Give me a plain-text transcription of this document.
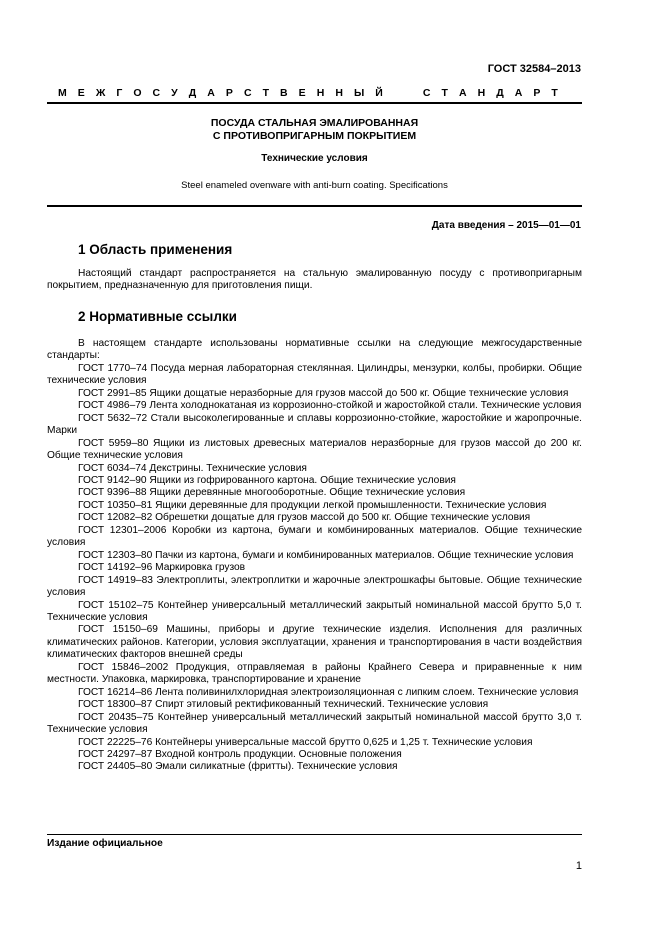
ГОСТ 32584–2013
М Е Ж Г О С У Д А Р С Т В Е Н Н Ы Й	С Т А Н Д А Р Т
ПОСУДА СТАЛЬНАЯ ЭМАЛИРОВАННАЯ
С ПРОТИВОПРИГАРНЫМ ПОКРЫТИЕМ
Технические условия
Steel enameled ovenware with anti-burn coating. Specifications
Дата введения – 2015—01—01
1 Область применения

Настоящий стандарт распространяется на стальную эмалированную посуду с противопригарным покрытием, предназначенную для приготовления пищи.

2 Нормативные ссылки

В настоящем стандарте использованы нормативные ссылки на следующие межгосударственные стандарты:

ГОСТ 1770–74 Посуда мерная лабораторная стеклянная. Цилиндры, мензурки, колбы, пробирки. Общие технические условия

ГОСТ 2991–85 Ящики дощатые неразборные для грузов массой до 500 кг. Общие технические условия

ГОСТ 4986–79 Лента холоднокатаная из коррозионно-стойкой и жаростойкой стали. Технические условия

ГОСТ 5632–72 Стали высоколегированные и сплавы коррозионно-стойкие, жаростойкие и жаропрочные. Марки

ГОСТ 5959–80 Ящики из листовых древесных материалов неразборные для грузов массой до 200 кг. Общие технические условия

ГОСТ 6034–74 Декстрины. Технические условия

ГОСТ 9142–90 Ящики из гофрированного картона. Общие технические условия

ГОСТ 9396–88 Ящики деревянные многооборотные. Общие технические условия

ГОСТ 10350–81 Ящики деревянные для продукции легкой промышленности. Технические условия

ГОСТ 12082–82 Обрешетки дощатые для грузов массой до 500 кг. Общие технические условия

ГОСТ 12301–2006 Коробки из картона, бумаги и комбинированных материалов. Общие технические условия

ГОСТ 12303–80 Пачки из картона, бумаги и комбинированных материалов. Общие технические условия

ГОСТ 14192–96 Маркировка грузов

ГОСТ 14919–83 Электроплиты, электроплитки и жарочные электрошкафы бытовые. Общие технические условия

ГОСТ 15102–75 Контейнер универсальный металлический закрытый номинальной массой брутто 5,0 т. Технические условия

ГОСТ 15150–69 Машины, приборы и другие технические изделия. Исполнения для различных климатических районов. Категории, условия эксплуатации, хранения и транспортирования в части воздействия климатических факторов внешней среды

ГОСТ 15846–2002 Продукция, отправляемая в районы Крайнего Севера и приравненные к ним местности. Упаковка, маркировка, транспортирование и хранение

ГОСТ 16214–86 Лента поливинилхлоридная электроизоляционная с липким слоем. Технические условия

ГОСТ 18300–87 Спирт этиловый ректификованный технический. Технические условия

ГОСТ 20435–75 Контейнер универсальный металлический закрытый номинальной массой брутто 3,0 т. Технические условия

ГОСТ 22225–76 Контейнеры универсальные массой брутто 0,625 и 1,25 т. Технические условия

ГОСТ 24297–87 Входной контроль продукции. Основные положения

ГОСТ 24405–80 Эмали силикатные (фритты). Технические условия

Издание официальное
1
